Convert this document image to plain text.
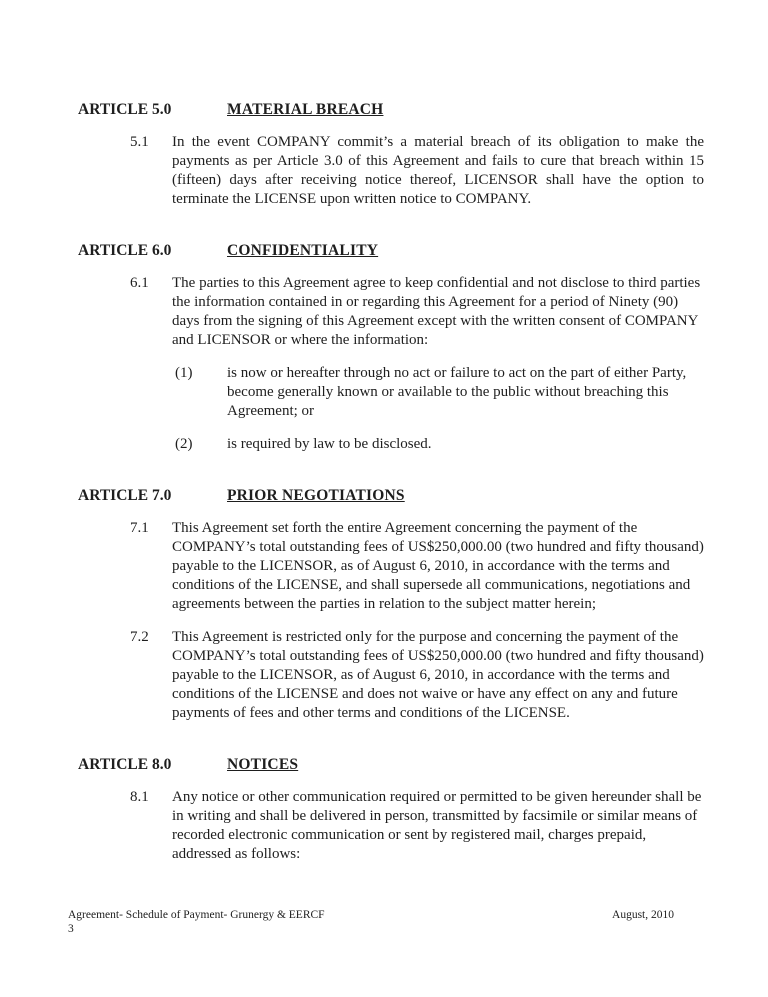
ARTICLE 5.0	MATERIAL BREACH
5.1	In the event COMPANY commit’s a material breach of its obligation to make the payments as per Article 3.0 of this Agreement and fails to cure that breach within 15 (fifteen) days after receiving notice thereof, LICENSOR shall have the option to terminate the LICENSE upon written notice to COMPANY.

ARTICLE 6.0	CONFIDENTIALITY
6.1	The parties to this Agreement agree to keep confidential and not disclose to third parties the information contained in or regarding this Agreement for a period of Ninety (90) days from the signing of this Agreement except with the written consent of COMPANY and LICENSOR or where the information:

(1)	is now or hereafter through no act or failure to act on the part of either Party, become generally known or available to the public without breaching this Agreement; or

(2)	is required by law to be disclosed.

ARTICLE 7.0	PRIOR NEGOTIATIONS
7.1	This Agreement set forth the entire Agreement concerning the payment of the COMPANY’s total outstanding fees of US$250,000.00 (two hundred and fifty thousand) payable to the LICENSOR, as of August 6, 2010, in accordance with the terms and conditions of the LICENSE, and shall supersede all communications, negotiations and agreements between the parties in relation to the subject matter herein;

7.2	This Agreement is restricted only for the purpose and concerning the payment of the COMPANY’s total outstanding fees of US$250,000.00 (two hundred and fifty thousand) payable to the LICENSOR, as of August 6, 2010, in accordance with the terms and conditions of the LICENSE and does not waive or have any effect on any and future payments of fees and other terms and conditions of the LICENSE.

ARTICLE 8.0	NOTICES
8.1	Any notice or other communication required or permitted to be given hereunder shall be in writing and shall be delivered in person, transmitted by facsimile or similar means of recorded electronic communication or sent by registered mail, charges prepaid, addressed as follows:

Agreement- Schedule of Payment- Grunergy & EERCF	August, 2010
3
